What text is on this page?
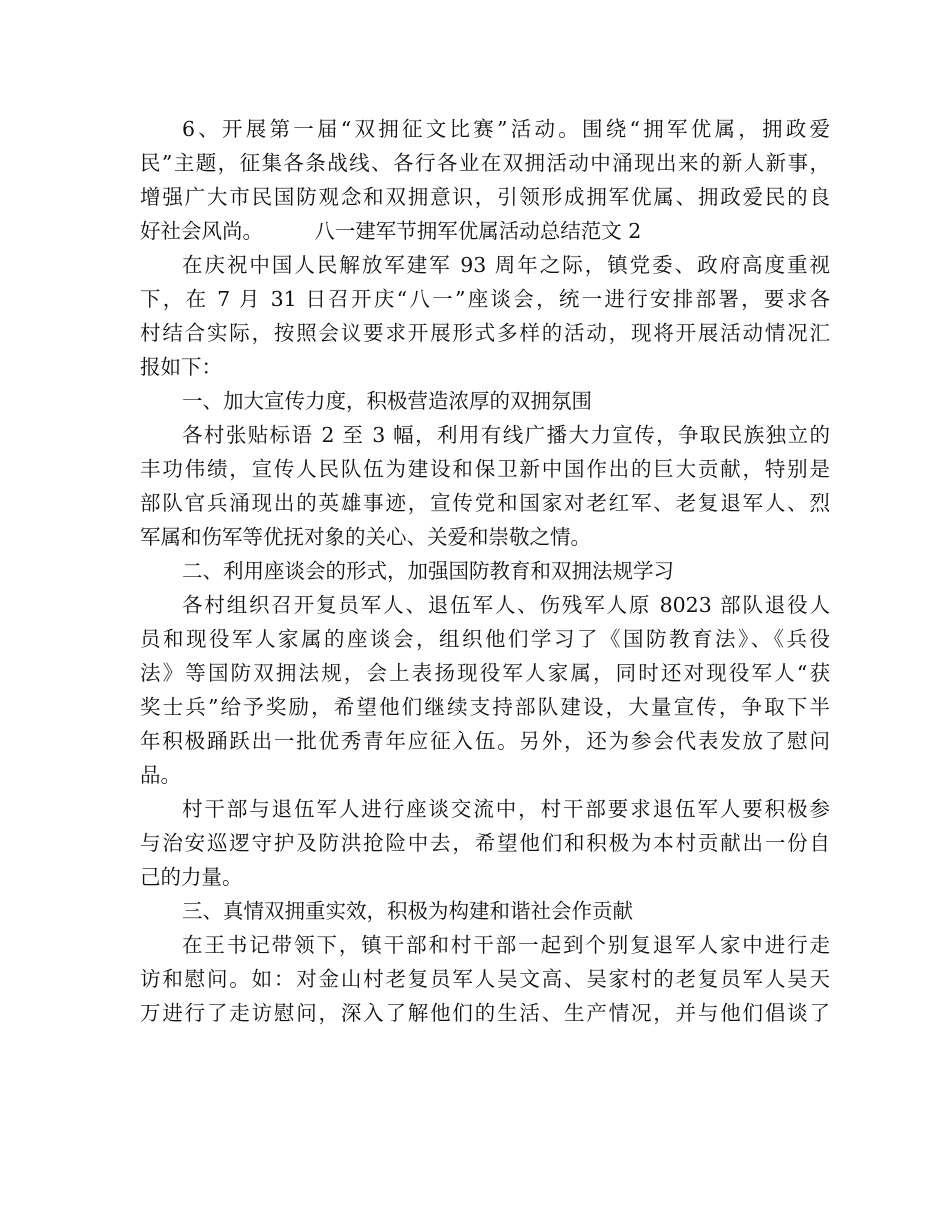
6、开展第一届“双拥征文比赛”活动。围绕“拥军优属，拥政爱
民”主题，征集各条战线、各行各业在双拥活动中涌现出来的新人新事，
增强广大市民国防观念和双拥意识，引领形成拥军优属、拥政爱民的良
好社会风尚。　　　八一建军节拥军优属活动总结范文 2
在庆祝中国人民解放军建军 93 周年之际，镇党委、政府高度重视
下，在 7 月 31 日召开庆“八一”座谈会，统一进行安排部署，要求各
村结合实际，按照会议要求开展形式多样的活动，现将开展活动情况汇
报如下：
一、加大宣传力度，积极营造浓厚的双拥氛围
各村张贴标语 2 至 3 幅，利用有线广播大力宣传，争取民族独立的
丰功伟绩，宣传人民队伍为建设和保卫新中国作出的巨大贡献，特别是
部队官兵涌现出的英雄事迹，宣传党和国家对老红军、老复退军人、烈
军属和伤军等优抚对象的关心、关爱和崇敬之情。
二、利用座谈会的形式，加强国防教育和双拥法规学习
各村组织召开复员军人、退伍军人、伤残军人原 8023 部队退役人
员和现役军人家属的座谈会，组织他们学习了《国防教育法》、《兵役
法》等国防双拥法规，会上表扬现役军人家属，同时还对现役军人“获
奖士兵”给予奖励，希望他们继续支持部队建设，大量宣传，争取下半
年积极踊跃出一批优秀青年应征入伍。另外，还为参会代表发放了慰问
品。
村干部与退伍军人进行座谈交流中，村干部要求退伍军人要积极参
与治安巡逻守护及防洪抢险中去，希望他们和积极为本村贡献出一份自
己的力量。
三、真情双拥重实效，积极为构建和谐社会作贡献
在王书记带领下，镇干部和村干部一起到个别复退军人家中进行走
访和慰问。如：对金山村老复员军人吴文高、吴家村的老复员军人吴天
万进行了走访慰问，深入了解他们的生活、生产情况，并与他们倡谈了
